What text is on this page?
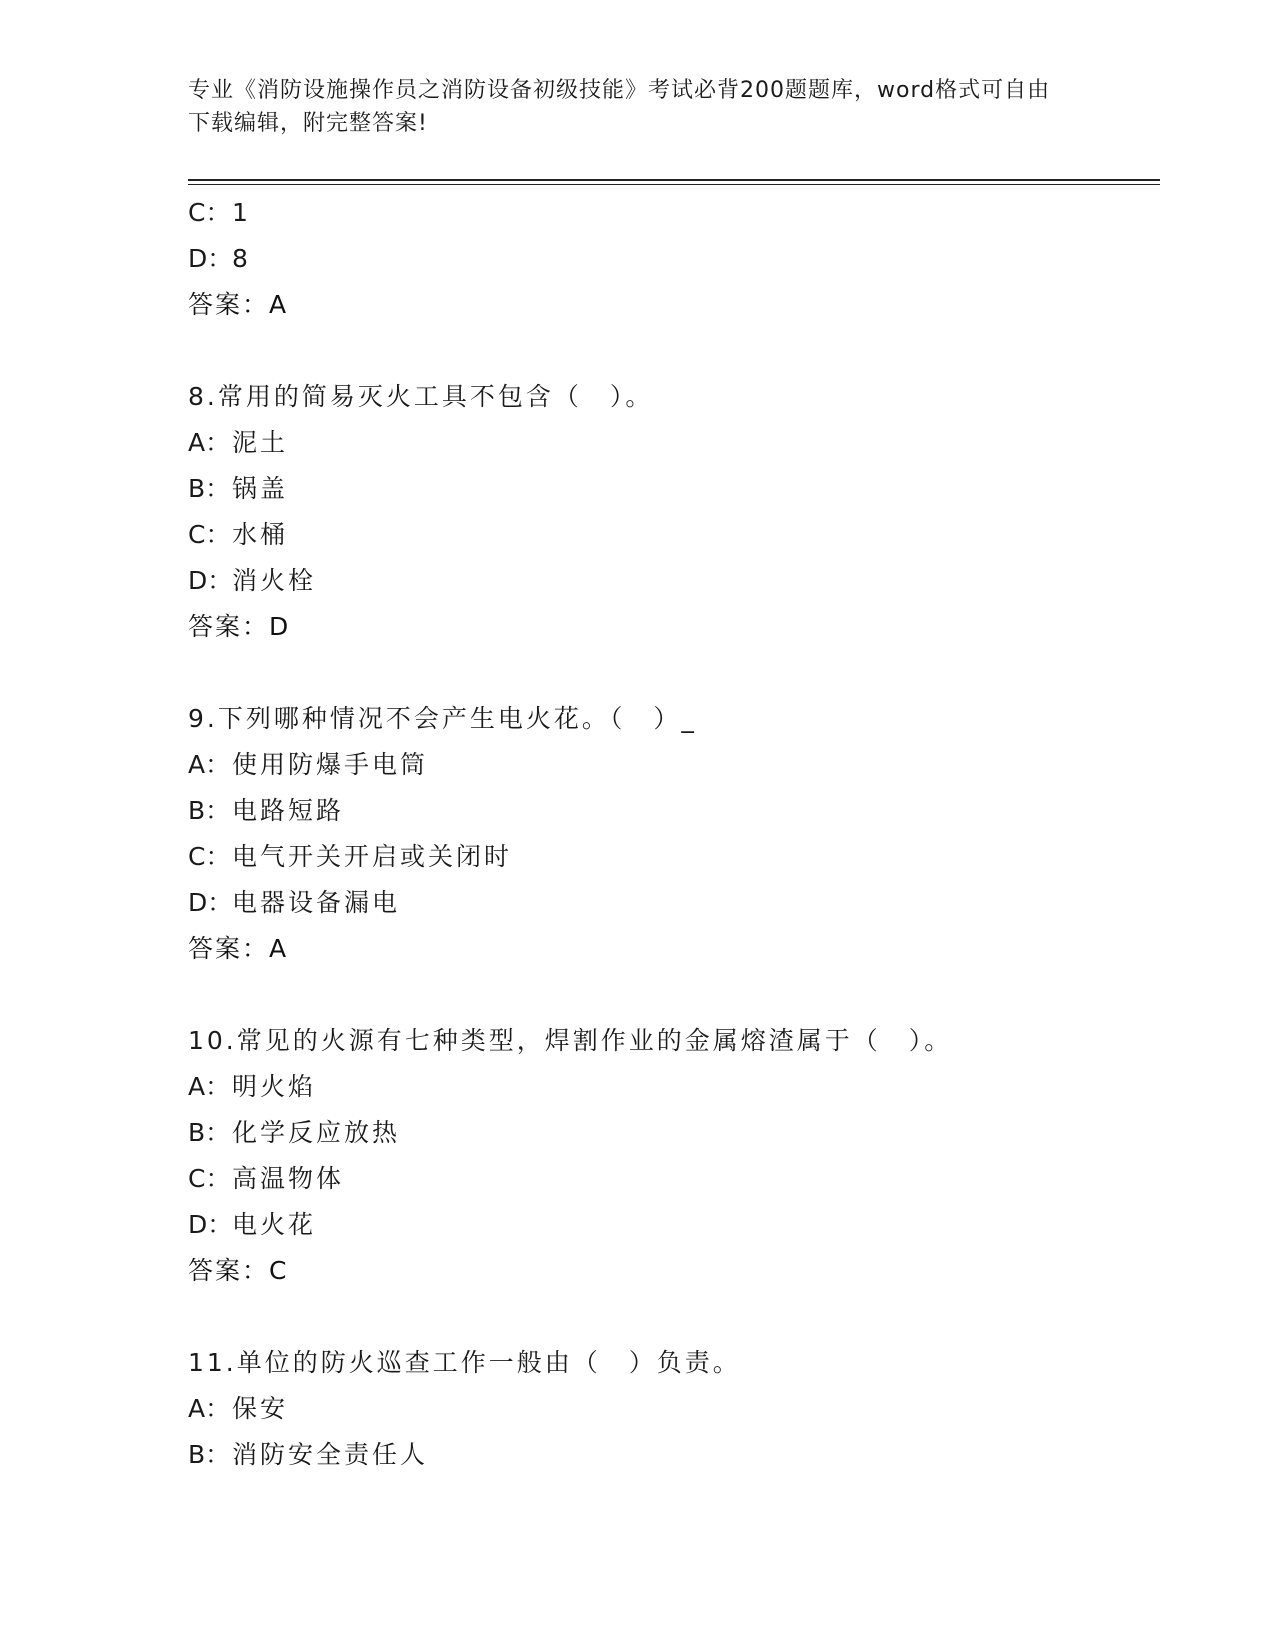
专业《消防设施操作员之消防设备初级技能》考试必背200题题库，word格式可自由下载编辑，附完整答案!

C：1
D：8
答案：A
8.常用的简易灭火工具不包含（　）。
A：泥土
B：锅盖
C：水桶
D：消火栓
答案：D
9.下列哪种情况不会产生电火花。（　）_
A：使用防爆手电筒
B：电路短路
C：电气开关开启或关闭时
D：电器设备漏电
答案：A
10.常见的火源有七种类型，焊割作业的金属熔渣属于（　）。
A：明火焰
B：化学反应放热
C：高温物体
D：电火花
答案：C
11.单位的防火巡查工作一般由（　）负责。
A：保安
B：消防安全责任人
